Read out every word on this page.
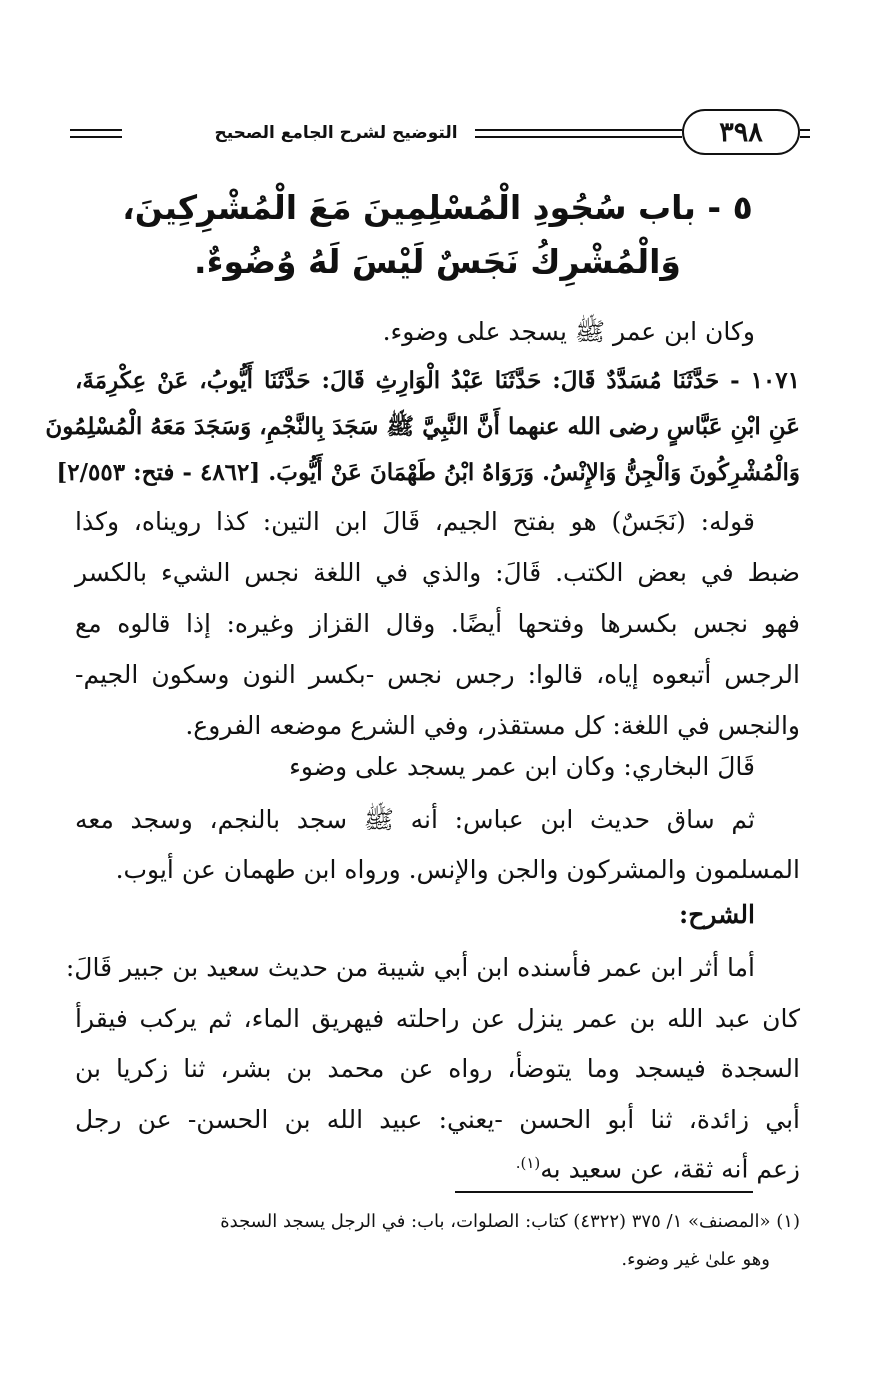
التوضيح لشرح الجامع الصحيح	٣٩٨
٥ - باب سُجُودِ الْمُسْلِمِينَ مَعَ الْمُشْرِكِينَ،
وَالْمُشْرِكُ نَجَسٌ لَيْسَ لَهُ وُضُوءٌ.
وكان ابن عمر ﷺ يسجد على وضوء.
١٠٧١ - حَدَّثَنَا مُسَدَّدٌ قَالَ: حَدَّثَنَا عَبْدُ الْوَارِثِ قَالَ: حَدَّثَنَا أَيُّوبُ، عَنْ عِكْرِمَةَ،
عَنِ ابْنِ عَبَّاسٍ رضى الله عنهما أَنَّ النَّبِيَّ ﷺ سَجَدَ بِالنَّجْمِ، وَسَجَدَ مَعَهُ الْمُسْلِمُونَ
وَالْمُشْرِكُونَ وَالْجِنُّ وَالإِنْسُ. وَرَوَاهُ ابْنُ طَهْمَانَ عَنْ أَيُّوبَ. [٤٨٦٢ - فتح: ٢/٥٥٣]
قوله: (نَجَسٌ) هو بفتح الجيم، قَالَ ابن التين: كذا رويناه، وكذا
ضبط في بعض الكتب. قَالَ: والذي في اللغة نجس الشيء بالكسر
فهو نجس بكسرها وفتحها أيضًا. وقال القزاز وغيره: إذا قالوه مع
الرجس أتبعوه إياه، قالوا: رجس نجس -بكسر النون وسكون الجيم-
والنجس في اللغة: كل مستقذر، وفي الشرع موضعه الفروع.
قَالَ البخاري: وكان ابن عمر يسجد على وضوء
ثم ساق حديث ابن عباس: أنه ﷺ سجد بالنجم، وسجد معه
المسلمون والمشركون والجن والإنس. ورواه ابن طهمان عن أيوب.
الشرح:
أما أثر ابن عمر فأسنده ابن أبي شيبة من حديث سعيد بن جبير قَالَ:
كان عبد الله بن عمر ينزل عن راحلته فيهريق الماء، ثم يركب فيقرأ
السجدة فيسجد وما يتوضأ، رواه عن محمد بن بشر، ثنا زكريا بن
أبي زائدة، ثنا أبو الحسن -يعني: عبيد الله بن الحسن- عن رجل
زعم أنه ثقة، عن سعيد به$^{(١).}$
(١) «المصنف» ١/ ٣٧٥ (٤٣٢٢) كتاب: الصلوات، باب: في الرجل يسجد السجدة
وهو علىٰ غير وضوء.
